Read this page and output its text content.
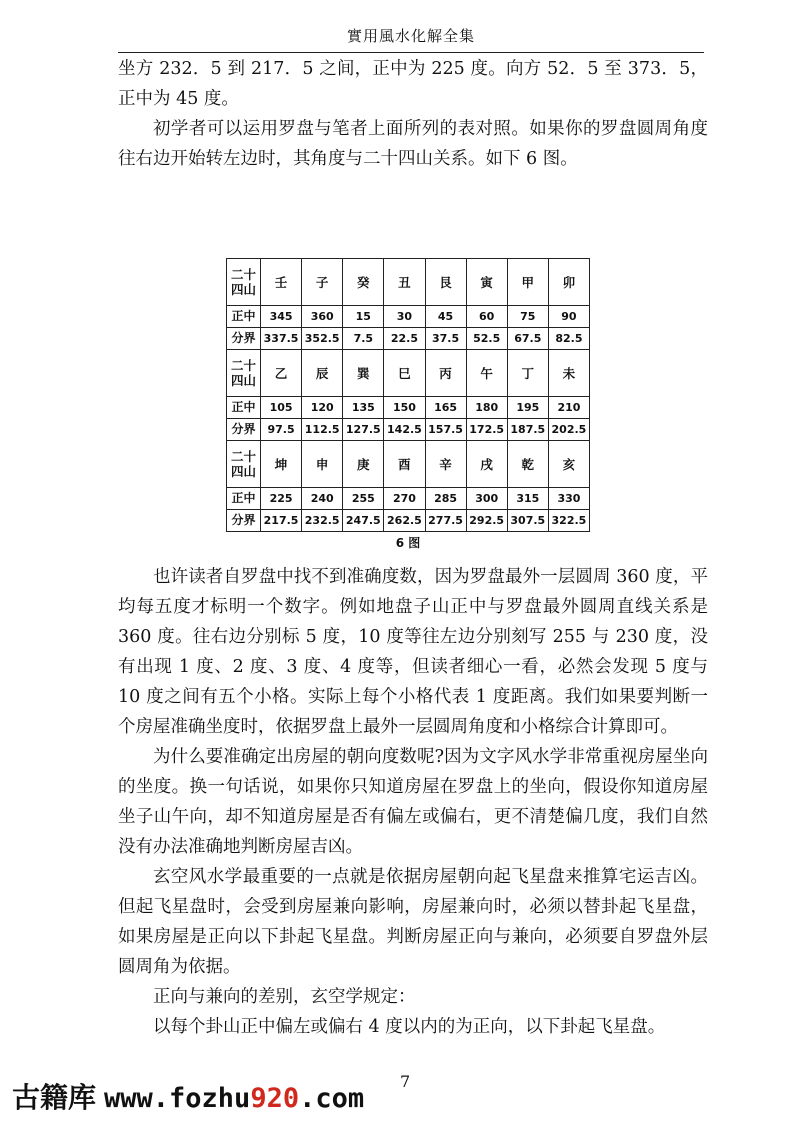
實用風水化解全集

坐方 232．5 到 217．5 之间，正中为 225 度。向方 52．5 至 373．5，正中为 45 度。

初学者可以运用罗盘与笔者上面所列的表对照。如果你的罗盘圆周角度往右边开始转左边时，其角度与二十四山关系。如下 6 图。

二十
四山	壬	子	癸	丑	艮	寅	甲	卯
正中	345	360	15	30	45	60	75	90
分界	337.5	352.5	7.5	22.5	37.5	52.5	67.5	82.5
二十
四山	乙	辰	巽	巳	丙	午	丁	未
正中	105	120	135	150	165	180	195	210
分界	97.5	112.5	127.5	142.5	157.5	172.5	187.5	202.5
二十
四山	坤	申	庚	酉	辛	戌	乾	亥
正中	225	240	255	270	285	300	315	330
分界	217.5	232.5	247.5	262.5	277.5	292.5	307.5	322.5
6 图

也许读者自罗盘中找不到准确度数，因为罗盘最外一层圆周 360 度，平均每五度才标明一个数字。例如地盘子山正中与罗盘最外圆周直线关系是 360 度。往右边分别标 5 度，10 度等往左边分别刻写 255 与 230 度，没有出现 1 度、2 度、3 度、4 度等，但读者细心一看，必然会发现 5 度与 10 度之间有五个小格。实际上每个小格代表 1 度距离。我们如果要判断一个房屋准确坐度时，依据罗盘上最外一层圆周角度和小格综合计算即可。

为什么要准确定出房屋的朝向度数呢?因为文字风水学非常重视房屋坐向的坐度。换一句话说，如果你只知道房屋在罗盘上的坐向，假设你知道房屋坐子山午向，却不知道房屋是否有偏左或偏右，更不清楚偏几度，我们自然没有办法准确地判断房屋吉凶。

玄空风水学最重要的一点就是依据房屋朝向起飞星盘来推算宅运吉凶。但起飞星盘时，会受到房屋兼向影响，房屋兼向时，必须以替卦起飞星盘，如果房屋是正向以下卦起飞星盘。判断房屋正向与兼向，必须要自罗盘外层圆周角为依据。

正向与兼向的差别，玄空学规定：

以每个卦山正中偏左或偏右 4 度以内的为正向，以下卦起飞星盘。

7
古籍库 www.fozhu920.com
